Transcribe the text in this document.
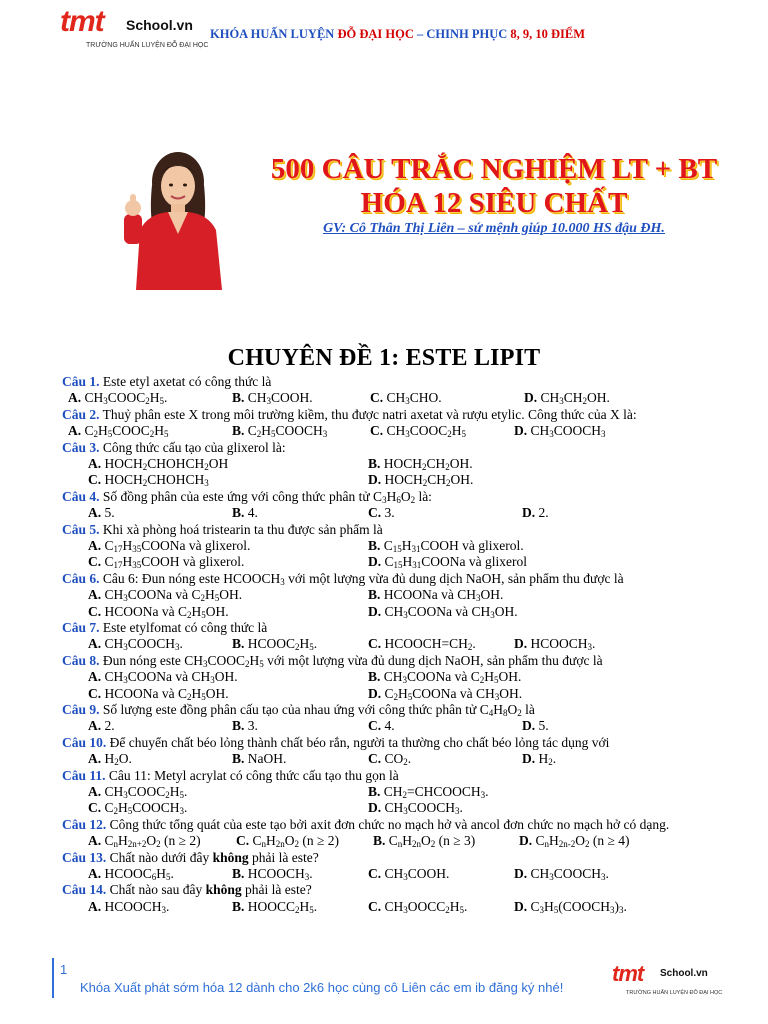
tmt School.vn
TRƯỜNG HUẤN LUYỆN ĐỖ ĐẠI HỌC
KHÓA HUẤN LUYỆN ĐỖ ĐẠI HỌC – CHINH PHỤC 8, 9, 10 ĐIỂM
500 CÂU TRẮC NGHIỆM LT + BT
HÓA 12 SIÊU CHẤT
GV: Cô Thân Thị Liên – sứ mệnh giúp 10.000 HS đậu ĐH.
CHUYÊN ĐỀ 1: ESTE LIPIT
Câu 1. Este etyl axetat có công thức là
A. $CH_3COOC_2H_5$.	B. $CH_3COOH$.	C. $CH_3CHO$.	D. $CH_3CH_2OH$.
Câu 2. Thuỷ phân este X trong môi trường kiềm, thu được natri axetat và rượu etylic. Công thức của X là:
A. $C_2H_5COOC_2H_5$	B. $C_2H_5COOCH_3$	C. $CH_3COOC_2H_5$	D. $CH_3COOCH_3$
Câu 3. Công thức cấu tạo của glixerol là:
A. $HOCH_2CHOHCH_2OH$	B. $HOCH_2CH_2OH$.
C. $HOCH_2CHOHCH_3$	D. $HOCH_2CH_2OH$.
Câu 4. Số đồng phân của este ứng với công thức phân tử $C_3H_6O_2$ là:
A. 5.	B. 4.	C. 3.	D. 2.
Câu 5. Khi xà phòng hoá tristearin ta thu được sản phẩm là
A. $C_{17}H_{35}COONa$ và glixerol.	B. $C_{15}H_{31}COOH$ và glixerol.
C. $C_{17}H_{35}COOH$ và glixerol.	D. $C_{15}H_{31}COONa$ và glixerol
Câu 6. Câu 6: Đun nóng este $HCOOCH_3$ với một lượng vừa đủ dung dịch NaOH, sản phẩm thu được là
A. $CH_3COONa$ và $C_2H_5OH$.	B. HCOONa và $CH_3OH$.
C. HCOONa và $C_2H_5OH$.	D. $CH_3COONa$ và $CH_3OH$.
Câu 7. Este etylfomat có công thức là
A. $CH_3COOCH_3$.	B. $HCOOC_2H_5$.	C. $HCOOCH=CH_2$.	D. $HCOOCH_3$.
Câu 8. Đun nóng este $CH_3COOC_2H_5$ với một lượng vừa đủ dung dịch NaOH, sản phẩm thu được là
A. $CH_3COONa$ và $CH_3OH$.	B. $CH_3COONa$ và $C_2H_5OH$.
C. HCOONa và $C_2H_5OH$.	D. $C_2H_5COONa$ và $CH_3OH$.
Câu 9. Số lượng este đồng phân cấu tạo của nhau ứng với công thức phân tử $C_4H_8O_2$ là
A. 2.	B. 3.	C. 4.	D. 5.
Câu 10. Để chuyển chất béo lỏng thành chất béo rắn, người ta thường cho chất béo lỏng tác dụng với
A. $H_2O$.	B. NaOH.	C. $CO_2$.	D. $H_2$.
Câu 11. Câu 11: Metyl acrylat có công thức cấu tạo thu gọn là
A. $CH_3COOC_2H_5$.	B. $CH_2=CHCOOCH_3$.
C. $C_2H_5COOCH_3$.	D. $CH_3COOCH_3$.
Câu 12. Công thức tổng quát của este tạo bởi axit đơn chức no mạch hở và ancol đơn chức no mạch hở có dạng.
A. $C_nH_{2n+2}O_2$ (n ≥ 2)	C. $C_nH_{2n}O_2$ (n ≥ 2)	B. $C_nH_{2n}O_2$ (n ≥ 3)	D. $C_nH_{2n-2}O_2$ (n ≥ 4)
Câu 13. Chất nào dưới đây không phải là este?
A. $HCOOC_6H_5$.	B. $HCOOCH_3$.	C. $CH_3COOH$.	D. $CH_3COOCH_3$.
Câu 14. Chất nào sau đây không phải là este?
A. $HCOOCH_3$.	B. $HOOCC_2H_5$.	C. $CH_3OOCC_2H_5$.	D. $C_3H_5(COOCH_3)_3$.
1
Khóa Xuất phát sớm hóa 12 dành cho 2k6 học cùng cô Liên các em ib đăng ký nhé!
tmt School.vn
TRƯỜNG HUẤN LUYỆN ĐỖ ĐẠI HỌC
